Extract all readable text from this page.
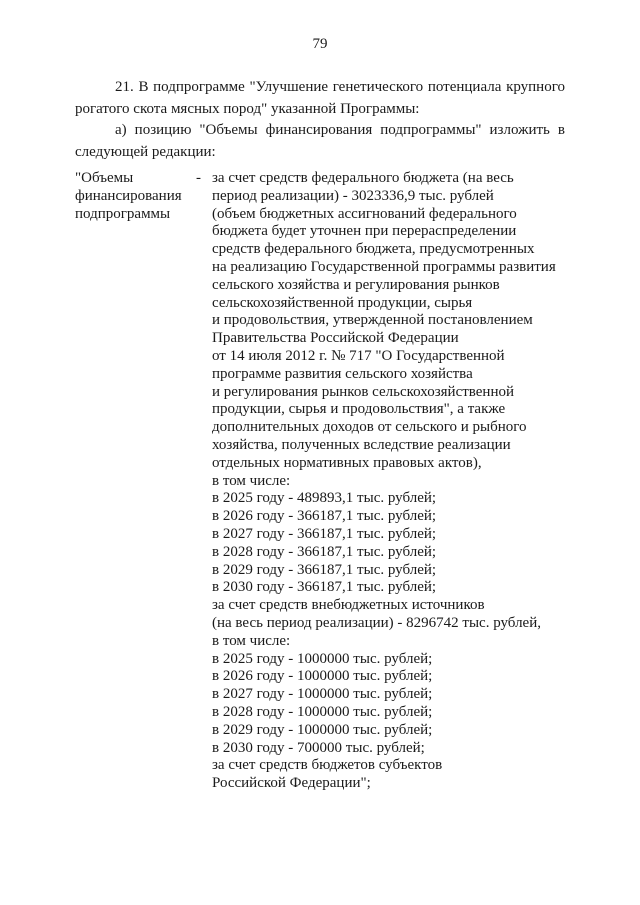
79

21. В подпрограмме "Улучшение генетического потенциала крупного рогатого скота мясных пород" указанной Программы:

а) позицию "Объемы финансирования подпрограммы" изложить в следующей редакции:

"Объемы
финансирования
подпрограммы
- за счет средств федерального бюджета (на весь
период реализации) - 3023336,9 тыс. рублей
(объем бюджетных ассигнований федерального
бюджета будет уточнен при перераспределении
средств федерального бюджета, предусмотренных
на реализацию Государственной программы развития
сельского хозяйства и регулирования рынков
сельскохозяйственной продукции, сырья
и продовольствия, утвержденной постановлением
Правительства Российской Федерации
от 14 июля 2012 г. № 717 "О Государственной
программе развития сельского хозяйства
и регулирования рынков сельскохозяйственной
продукции, сырья и продовольствия", а также
дополнительных доходов от сельского и рыбного
хозяйства, полученных вследствие реализации
отдельных нормативных правовых актов),
в том числе:
в 2025 году - 489893,1 тыс. рублей;
в 2026 году - 366187,1 тыс. рублей;
в 2027 году - 366187,1 тыс. рублей;
в 2028 году - 366187,1 тыс. рублей;
в 2029 году - 366187,1 тыс. рублей;
в 2030 году - 366187,1 тыс. рублей;
за счет средств внебюджетных источников
(на весь период реализации) - 8296742 тыс. рублей,
в том числе:
в 2025 году - 1000000 тыс. рублей;
в 2026 году - 1000000 тыс. рублей;
в 2027 году - 1000000 тыс. рублей;
в 2028 году - 1000000 тыс. рублей;
в 2029 году - 1000000 тыс. рублей;
в 2030 году - 700000 тыс. рублей;
за счет средств бюджетов субъектов
Российской Федерации";
